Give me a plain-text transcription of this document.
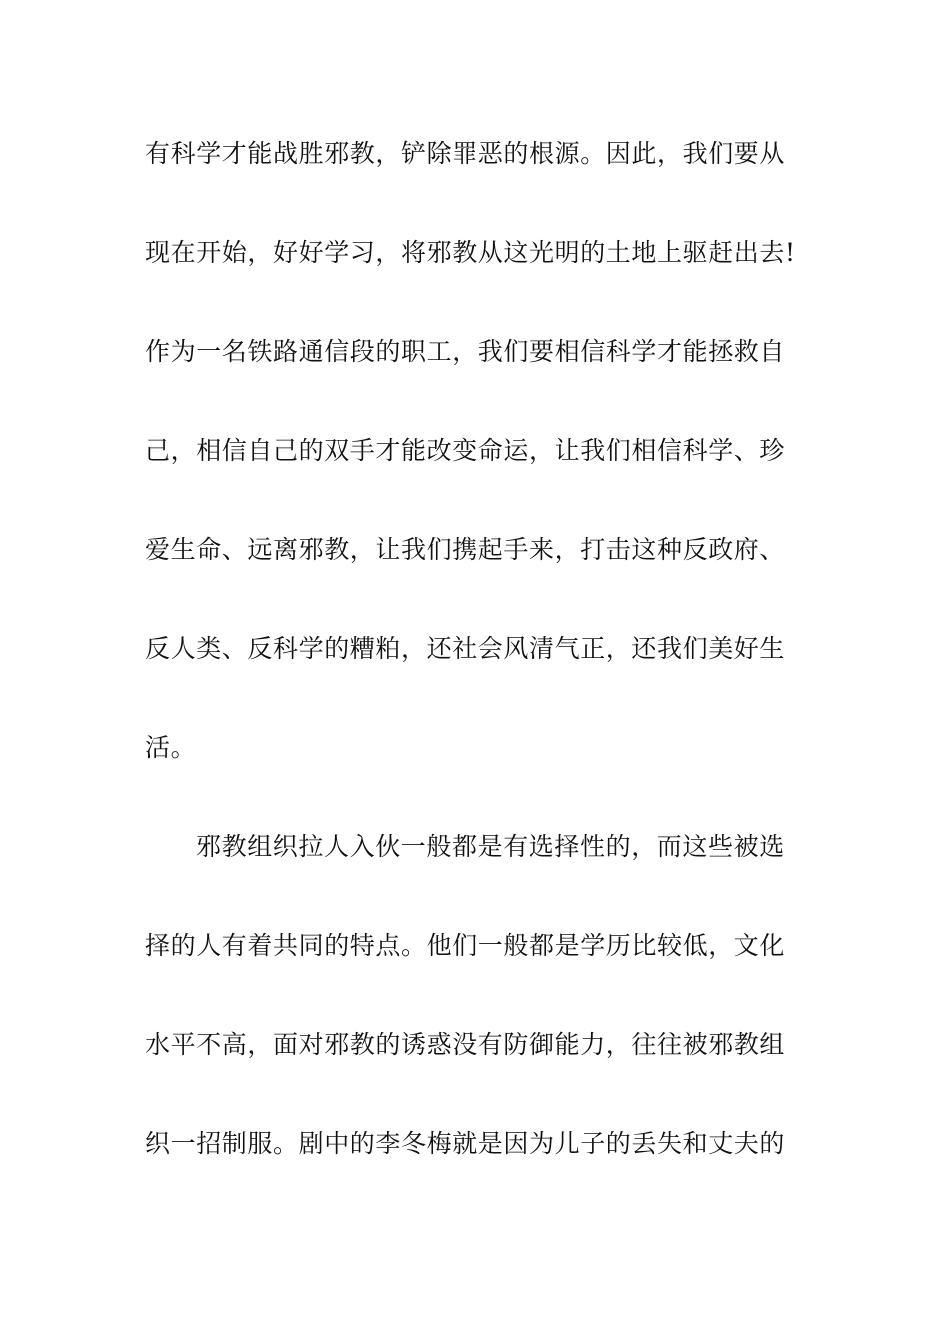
有科学才能战胜邪教，铲除罪恶的根源。因此，我们要从
现在开始，好好学习，将邪教从这光明的土地上驱赶出去!
作为一名铁路通信段的职工，我们要相信科学才能拯救自
己，相信自己的双手才能改变命运，让我们相信科学、珍
爱生命、远离邪教，让我们携起手来，打击这种反政府、
反人类、反科学的糟粕，还社会风清气正，还我们美好生
活。
邪教组织拉人入伙一般都是有选择性的，而这些被选
择的人有着共同的特点。他们一般都是学历比较低，文化
水平不高，面对邪教的诱惑没有防御能力，往往被邪教组
织一招制服。剧中的李冬梅就是因为儿子的丢失和丈夫的
